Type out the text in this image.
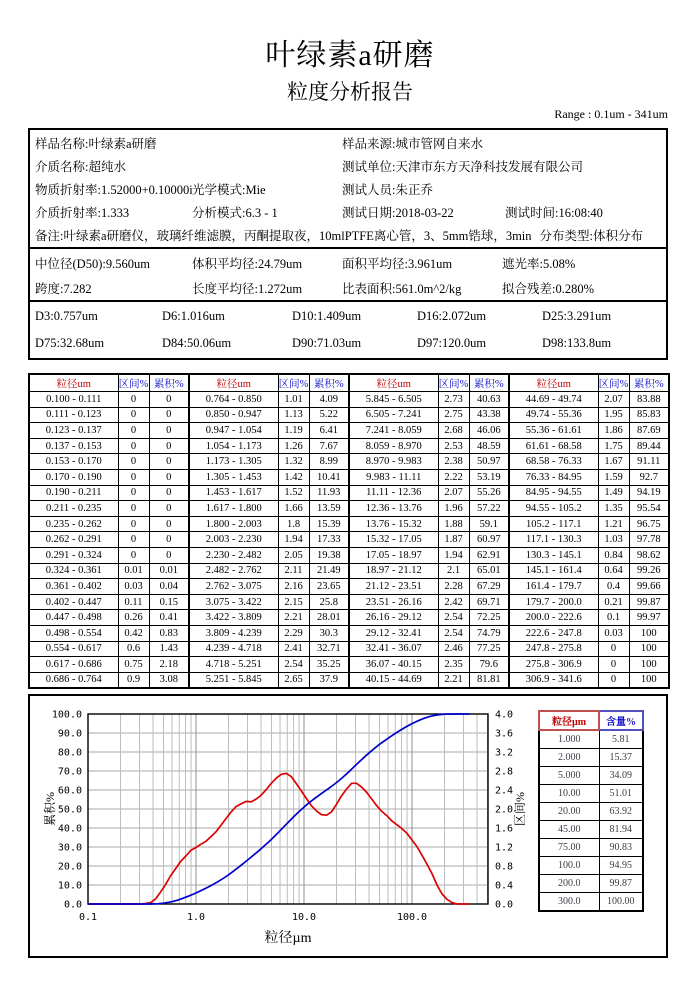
叶绿素a研磨
粒度分析报告
Range : 0.1um - 341um
样品名称:叶绿素a研磨	样品来源:城市管网自来水
介质名称:超纯水	测试单位:天津市东方天净科技发展有限公司
物质折射率:1.52000+0.10000i 光学模式:Mie	测试人员:朱正乔
介质折射率:1.333	分析模式:6.3 - 1	测试日期:2018-03-22	测试时间:16:08:40
备注:叶绿素a研磨仪，玻璃纤维滤膜，丙酮提取夜，10mlPTFE离心管，3、5mm锆球，3min 分布类型:体积分布
中位径(D50):9.560um	体积平均径:24.79um	面积平均径:3.961um	遮光率:5.08%
跨度:7.282	长度平均径:1.272um	比表面积:561.0m^2/kg	拟合残差:0.280%
D3:0.757um	D6:1.016um	D10:1.409um	D16:2.072um	D25:3.291um
D75:32.68um	D84:50.06um	D90:71.03um	D97:120.0um	D98:133.8um
粒径um	区间%	累积%	粒径um	区间%	累积%	粒径um	区间%	累积%	粒径um	区间%	累积%
0.100 - 0.111	0	0	0.764 - 0.850	1.01	4.09	5.845 - 6.505	2.73	40.63	44.69 - 49.74	2.07	83.88
0.111 - 0.123	0	0	0.850 - 0.947	1.13	5.22	6.505 - 7.241	2.75	43.38	49.74 - 55.36	1.95	85.83
0.123 - 0.137	0	0	0.947 - 1.054	1.19	6.41	7.241 - 8.059	2.68	46.06	55.36 - 61.61	1.86	87.69
0.137 - 0.153	0	0	1.054 - 1.173	1.26	7.67	8.059 - 8.970	2.53	48.59	61.61 - 68.58	1.75	89.44
0.153 - 0.170	0	0	1.173 - 1.305	1.32	8.99	8.970 - 9.983	2.38	50.97	68.58 - 76.33	1.67	91.11
0.170 - 0.190	0	0	1.305 - 1.453	1.42	10.41	9.983 - 11.11	2.22	53.19	76.33 - 84.95	1.59	92.7
0.190 - 0.211	0	0	1.453 - 1.617	1.52	11.93	11.11 - 12.36	2.07	55.26	84.95 - 94.55	1.49	94.19
0.211 - 0.235	0	0	1.617 - 1.800	1.66	13.59	12.36 - 13.76	1.96	57.22	94.55 - 105.2	1.35	95.54
0.235 - 0.262	0	0	1.800 - 2.003	1.8	15.39	13.76 - 15.32	1.88	59.1	105.2 - 117.1	1.21	96.75
0.262 - 0.291	0	0	2.003 - 2.230	1.94	17.33	15.32 - 17.05	1.87	60.97	117.1 - 130.3	1.03	97.78
0.291 - 0.324	0	0	2.230 - 2.482	2.05	19.38	17.05 - 18.97	1.94	62.91	130.3 - 145.1	0.84	98.62
0.324 - 0.361	0.01	0.01	2.482 - 2.762	2.11	21.49	18.97 - 21.12	2.1	65.01	145.1 - 161.4	0.64	99.26
0.361 - 0.402	0.03	0.04	2.762 - 3.075	2.16	23.65	21.12 - 23.51	2.28	67.29	161.4 - 179.7	0.4	99.66
0.402 - 0.447	0.11	0.15	3.075 - 3.422	2.15	25.8	23.51 - 26.16	2.42	69.71	179.7 - 200.0	0.21	99.87
0.447 - 0.498	0.26	0.41	3.422 - 3.809	2.21	28.01	26.16 - 29.12	2.54	72.25	200.0 - 222.6	0.1	99.97
0.498 - 0.554	0.42	0.83	3.809 - 4.239	2.29	30.3	29.12 - 32.41	2.54	74.79	222.6 - 247.8	0.03	100
0.554 - 0.617	0.6	1.43	4.239 - 4.718	2.41	32.71	32.41 - 36.07	2.46	77.25	247.8 - 275.8	0	100
0.617 - 0.686	0.75	2.18	4.718 - 5.251	2.54	35.25	36.07 - 40.15	2.35	79.6	275.8 - 306.9	0	100
0.686 - 0.764	0.9	3.08	5.251 - 5.845	2.65	37.9	40.15 - 44.69	2.21	81.81	306.9 - 341.6	0	100
0.0
10.0
20.0
30.0
40.0
50.0
60.0
70.0
80.0
90.0
100.0	4.0
3.6
3.2
2.8
2.4
2.0
1.6
1.2
0.8
0.4
0.0
0.1	1.0	10.0	100.0
粒径µm
累积%	区间%
粒径µm	含量%
1.000	5.81
2.000	15.37
5.000	34.09
10.00	51.01
20.00	63.92
45.00	81.94
75.00	90.83
100.0	94.95
200.0	99.87
300.0	100.00
